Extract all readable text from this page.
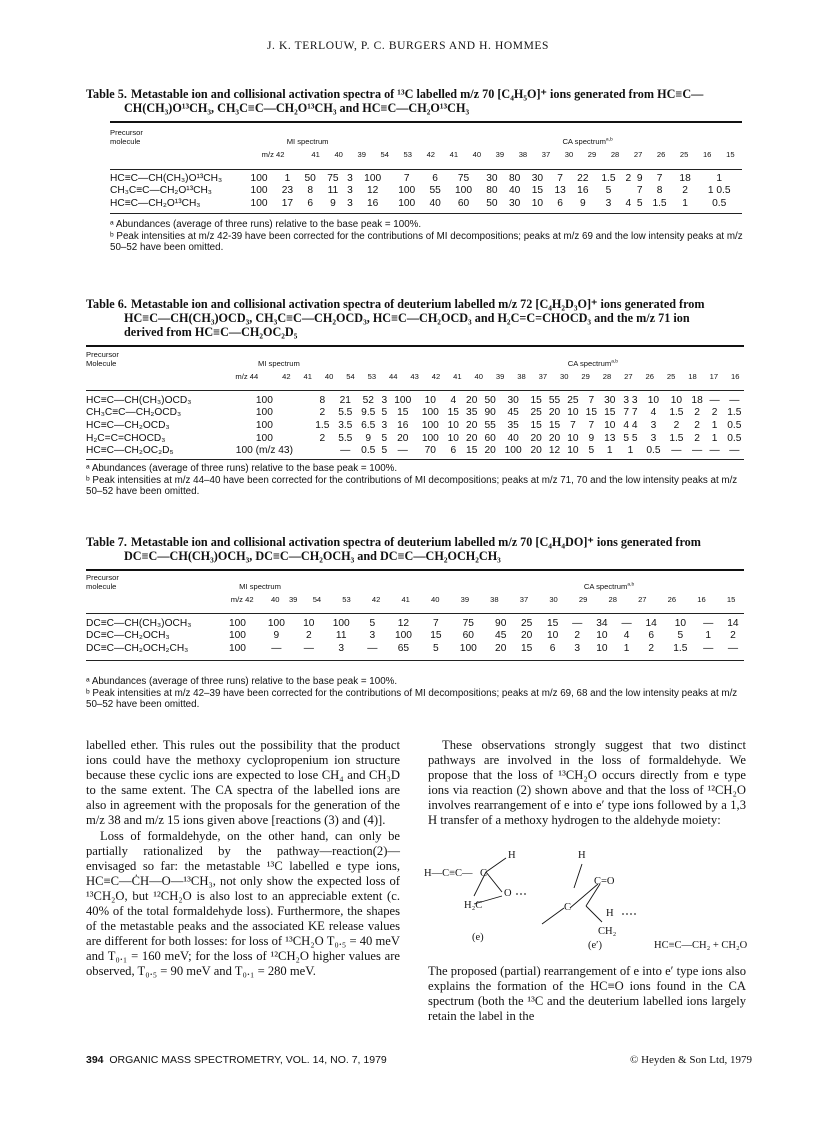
J. K. TERLOUW, P. C. BURGERS AND H. HOMMES
Table 5. Metastable ion and collisional activation spectra of ¹³C labelled m/z 70 [C₄H₅O]⁺ ions generated from HC≡C—
CH(CH₃)O¹³CH₃, CH₃C≡C—CH₂O¹³CH₃ and HC≡C—CH₂O¹³CH₃
Precursor																				
molecule	MI spectrum				CA spectrum$^{a,b}$
	m/z 42	41	40	39	54	53	42	41	40	39	38	37	30	29	28	27	26	25	16	15
HC≡C—CH(CH₃)O¹³CH₃	100	1	50	75	3	100	7	6	75	30	80	30	7	22	1.5	2	9	7	18	1
CH₃C≡C—CH₂O¹³CH₃	100	23	8	11	3	12	100	55	100	80	40	15	13	16	5		7	8	2	1 0.5
HC≡C—CH₂O¹³CH₃	100	17	6	9	3	16	100	40	60	50	30	10	6	9	3	4	5	1.5	1	0.5
ᵃ Abundances (average of three runs) relative to the base peak = 100%.
ᵇ Peak intensities at m/z 42-39 have been corrected for the contributions of MI decompositions; peaks at m/z 69 and the low intensity peaks at m/z 50–52 have been omitted.
Table 6. Metastable ion and collisional activation spectra of deuterium labelled m/z 72 [C₄H₂D₃O]⁺ ions generated from
HC≡C—CH(CH₃)OCD₃, CH₃C≡C—CH₂OCD₃, HC≡C—CH₂OCD₃ and H₂C=C=CHOCD₃ and the m/z 71 ion
derived from HC≡C—CH₂OC₂D₅
Precursor																							
Molecule	MI spectrum				CA spectrum$^{a,b}$
	m/z 44	42	41	40	54	53	44	43	42	41	40	39	38	37	30	29	28	27	26	25	18	17	16
HC≡C—CH(CH₃)OCD₃	100	8	21	52	3	100	10	4	20	50	30	15	55	25	7	30	3 3	10	10	18	—	—	
CH₃C≡C—CH₂OCD₃	100	2	5.5	9.5	5	15	100	15	35	90	45	25	20	10	15	15	7 7	4	1.5	2	2	1.5	
HC≡C—CH₂OCD₃	100	1.5	3.5	6.5	3	16	100	10	20	55	35	15	15	7	7	10	4 4	3	2	2	1	0.5	
H₂C=C=CHOCD₃	100	2	5.5	9	5	20	100	10	20	60	40	20	20	10	9	13	5 5	3	1.5	2	1	0.5	
HC≡C—CH₂OC₂D₅	100 (m/z 43)		—	0.5	5	—	70	6	15	20	100	20	12	10	5	1	1	0.5	—	—	—	—	
ᵃ Abundances (average of three runs) relative to the base peak = 100%.
ᵇ Peak intensities at m/z 44–40 have been corrected for the contributions of MI decompositions; peaks at m/z 71, 70 and the low intensity peaks at m/z 50–52 have been omitted.
Table 7. Metastable ion and collisional activation spectra of deuterium labelled m/z 70 [C₄H₄DO]⁺ ions generated from
DC≡C—CH(CH₃)OCH₃, DC≡C—CH₂OCH₃ and DC≡C—CH₂OCH₂CH₃
Precursor																		
molecule	MI spectrum			CA spectrum$^{a,b}$
	m/z 42	40	39	54	53	42	41	40	39	38	37	30	29	28	27	26	16	15
DC≡C—CH(CH₃)OCH₃	100	100	10	100	5	12	7	75	90	25	15	—	34	—	14	10	—	14
DC≡C—CH₂OCH₃	100	9	2	11	3	100	15	60	45	20	10	2	10	4	6	5	1	2
DC≡C—CH₂OCH₂CH₃	100	—	—	3	—	65	5	100	20	15	6	3	10	1	2	1.5	—	—
ᵃ Abundances (average of three runs) relative to the base peak = 100%.
ᵇ Peak intensities at m/z 42–39 have been corrected for the contributions of MI decompositions; peaks at m/z 69, 68 and the low intensity peaks at m/z 50–52 have been omitted.

labelled ether. This rules out the possibility that the product ions could have the methoxy cyclopropenium ion structure because these cyclic ions are expected to lose CH₄ and CH₃D to the same extent. The CA spectra of the labelled ions are also in agreement with the proposals for the generation of the m/z 38 and m/z 15 ions given above [reactions (3) and (4)].

Loss of formaldehyde, on the other hand, can only be partially rationalized by the pathway—reaction(2)—envisaged so far: the metastable ¹³C labelled e type ions, HC≡C—ĊH—O—¹³CH₃, not only show the expected loss of ¹³CH₂O, but ¹²CH₂O is also lost to an appreciable extent (c. 40% of the total formaldehyde loss). Furthermore, the shapes of the metastable peaks and the associated KE release values are different for both losses: for loss of ¹³CH₂O T₀.₅ = 40 meV and T₀.₁ = 160 meV; for the loss of ¹²CH₂O higher values are observed, T₀.₅ = 90 meV and T₀.₁ = 280 meV.

These observations strongly suggest that two distinct pathways are involved in the loss of formaldehyde. We propose that the loss of ¹³CH₂O occurs directly from e type ions via reaction (2) shown above and that the loss of ¹²CH₂O involves rearrangement of e into e′ type ions followed by a 1,3 H transfer of a methoxy hydrogen to the aldehyde moiety:

H
H—C≡C— C
O
H₂C
(e)
H
C=O
C
CH₂
H
(e′)	HC≡C—CH₂ + CH₂O

The proposed (partial) rearrangement of e into e′ type ions also explains the formation of the HC≡O ions found in the CA spectrum (both the ¹³C and the deuterium labelled ions largely retain the label in the

394 ORGANIC MASS SPECTROMETRY, VOL. 14, NO. 7, 1979	© Heyden & Son Ltd, 1979
